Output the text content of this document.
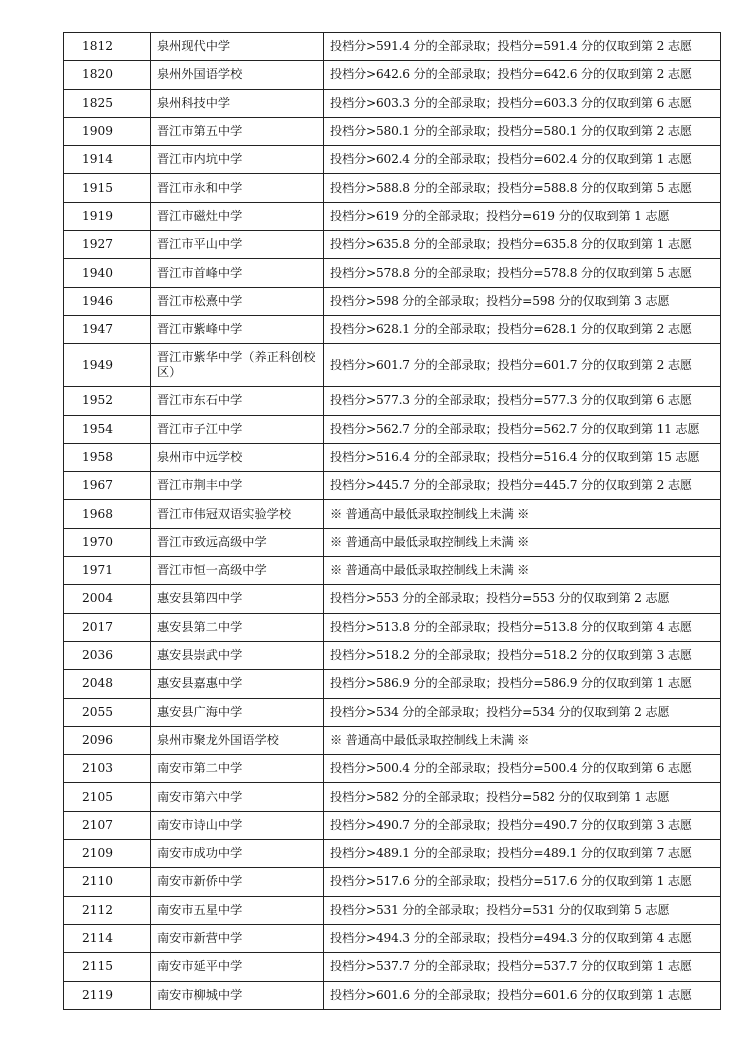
1812	泉州现代中学	投档分>591.4 分的全部录取；投档分=591.4 分的仅取到第 2 志愿
1820	泉州外国语学校	投档分>642.6 分的全部录取；投档分=642.6 分的仅取到第 2 志愿
1825	泉州科技中学	投档分>603.3 分的全部录取；投档分=603.3 分的仅取到第 6 志愿
1909	晋江市第五中学	投档分>580.1 分的全部录取；投档分=580.1 分的仅取到第 2 志愿
1914	晋江市内坑中学	投档分>602.4 分的全部录取；投档分=602.4 分的仅取到第 1 志愿
1915	晋江市永和中学	投档分>588.8 分的全部录取；投档分=588.8 分的仅取到第 5 志愿
1919	晋江市磁灶中学	投档分>619 分的全部录取；投档分=619 分的仅取到第 1 志愿
1927	晋江市平山中学	投档分>635.8 分的全部录取；投档分=635.8 分的仅取到第 1 志愿
1940	晋江市首峰中学	投档分>578.8 分的全部录取；投档分=578.8 分的仅取到第 5 志愿
1946	晋江市松熹中学	投档分>598 分的全部录取；投档分=598 分的仅取到第 3 志愿
1947	晋江市紫峰中学	投档分>628.1 分的全部录取；投档分=628.1 分的仅取到第 2 志愿
1949	晋江市紫华中学（养正科创校区）	投档分>601.7 分的全部录取；投档分=601.7 分的仅取到第 2 志愿
1952	晋江市东石中学	投档分>577.3 分的全部录取；投档分=577.3 分的仅取到第 6 志愿
1954	晋江市子江中学	投档分>562.7 分的全部录取；投档分=562.7 分的仅取到第 11 志愿
1958	泉州市中远学校	投档分>516.4 分的全部录取；投档分=516.4 分的仅取到第 15 志愿
1967	晋江市荆丰中学	投档分>445.7 分的全部录取；投档分=445.7 分的仅取到第 2 志愿
1968	晋江市伟冠双语实验学校	※ 普通高中最低录取控制线上未满 ※
1970	晋江市致远高级中学	※ 普通高中最低录取控制线上未满 ※
1971	晋江市恒一高级中学	※ 普通高中最低录取控制线上未满 ※
2004	惠安县第四中学	投档分>553 分的全部录取；投档分=553 分的仅取到第 2 志愿
2017	惠安县第二中学	投档分>513.8 分的全部录取；投档分=513.8 分的仅取到第 4 志愿
2036	惠安县崇武中学	投档分>518.2 分的全部录取；投档分=518.2 分的仅取到第 3 志愿
2048	惠安县嘉惠中学	投档分>586.9 分的全部录取；投档分=586.9 分的仅取到第 1 志愿
2055	惠安县广海中学	投档分>534 分的全部录取；投档分=534 分的仅取到第 2 志愿
2096	泉州市聚龙外国语学校	※ 普通高中最低录取控制线上未满 ※
2103	南安市第二中学	投档分>500.4 分的全部录取；投档分=500.4 分的仅取到第 6 志愿
2105	南安市第六中学	投档分>582 分的全部录取；投档分=582 分的仅取到第 1 志愿
2107	南安市诗山中学	投档分>490.7 分的全部录取；投档分=490.7 分的仅取到第 3 志愿
2109	南安市成功中学	投档分>489.1 分的全部录取；投档分=489.1 分的仅取到第 7 志愿
2110	南安市新侨中学	投档分>517.6 分的全部录取；投档分=517.6 分的仅取到第 1 志愿
2112	南安市五星中学	投档分>531 分的全部录取；投档分=531 分的仅取到第 5 志愿
2114	南安市新营中学	投档分>494.3 分的全部录取；投档分=494.3 分的仅取到第 4 志愿
2115	南安市延平中学	投档分>537.7 分的全部录取；投档分=537.7 分的仅取到第 1 志愿
2119	南安市柳城中学	投档分>601.6 分的全部录取；投档分=601.6 分的仅取到第 1 志愿
